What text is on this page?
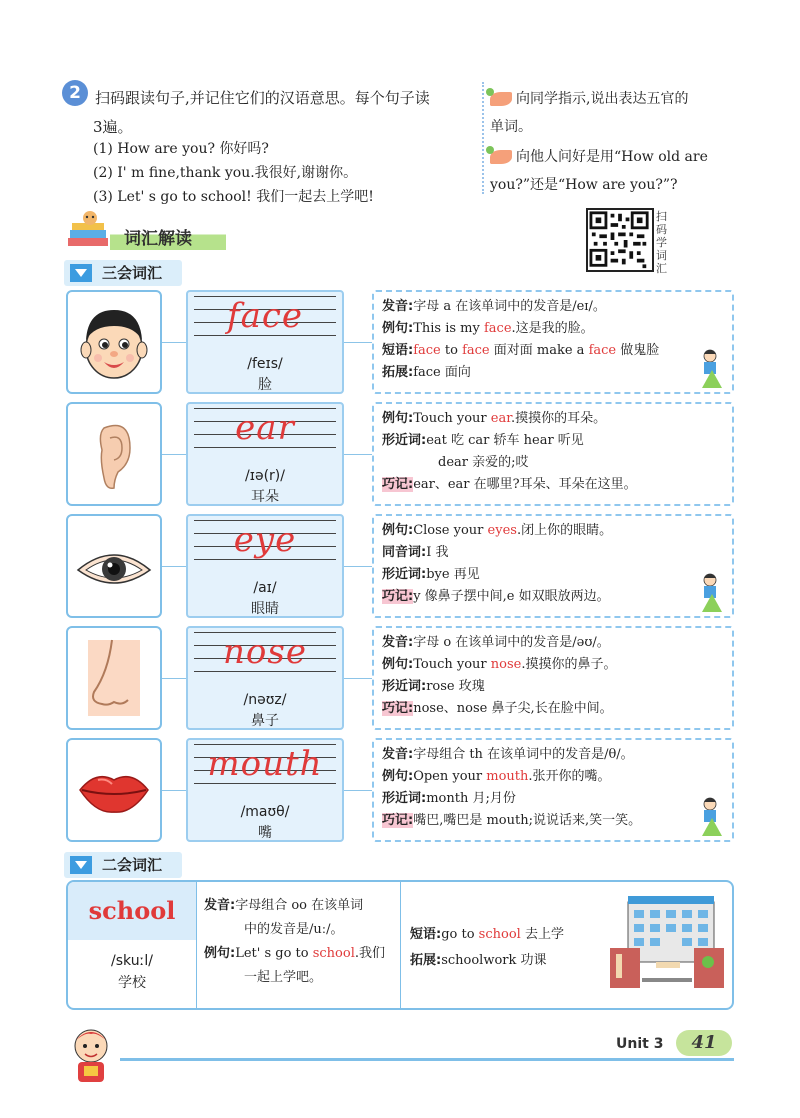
2 扫码跟读句子,并记住它们的汉语意思。每个句子读
3遍。
(1) How are you? 你好吗?
(2) I' m fine,thank you.我很好,谢谢你。
(3) Let' s go to school! 我们一起去上学吧!
向同学指示,说出表达五官的
单词。
向他人问好是用“How old are
you?”还是“How are you?”?
词汇解读
扫码学词汇
三会词汇
face
/feɪs/
脸
发音:字母 a 在该单词中的发音是/eɪ/。
例句:This is my face.这是我的脸。
短语:face to face 面对面 make a face 做鬼脸
拓展:face 面向
ear
/ɪə(r)/
耳朵
例句:Touch your ear.摸摸你的耳朵。
形近词:eat 吃 car 轿车 hear 听见
dear 亲爱的;哎
巧记:ear、ear 在哪里?耳朵、耳朵在这里。
eye
/aɪ/
眼睛
例句:Close your eyes.闭上你的眼睛。
同音词:I 我
形近词:bye 再见
巧记:y 像鼻子摆中间,e 如双眼放两边。
nose
/nəʊz/
鼻子
发音:字母 o 在该单词中的发音是/əʊ/。
例句:Touch your nose.摸摸你的鼻子。
形近词:rose 玫瑰
巧记:nose、nose 鼻子尖,长在脸中间。
mouth
/maʊθ/
嘴
发音:字母组合 th 在该单词中的发音是/θ/。
例句:Open your mouth.张开你的嘴。
形近词:month 月;月份
巧记:嘴巴,嘴巴是 mouth;说说话来,笑一笑。
二会词汇
school
/skuːl/
学校
发音:字母组合 oo 在该单词
中的发音是/uː/。
例句:Let' s go to school.我们
一起上学吧。
短语:go to school 去上学
拓展:schoolwork 功课
Unit 3	41
